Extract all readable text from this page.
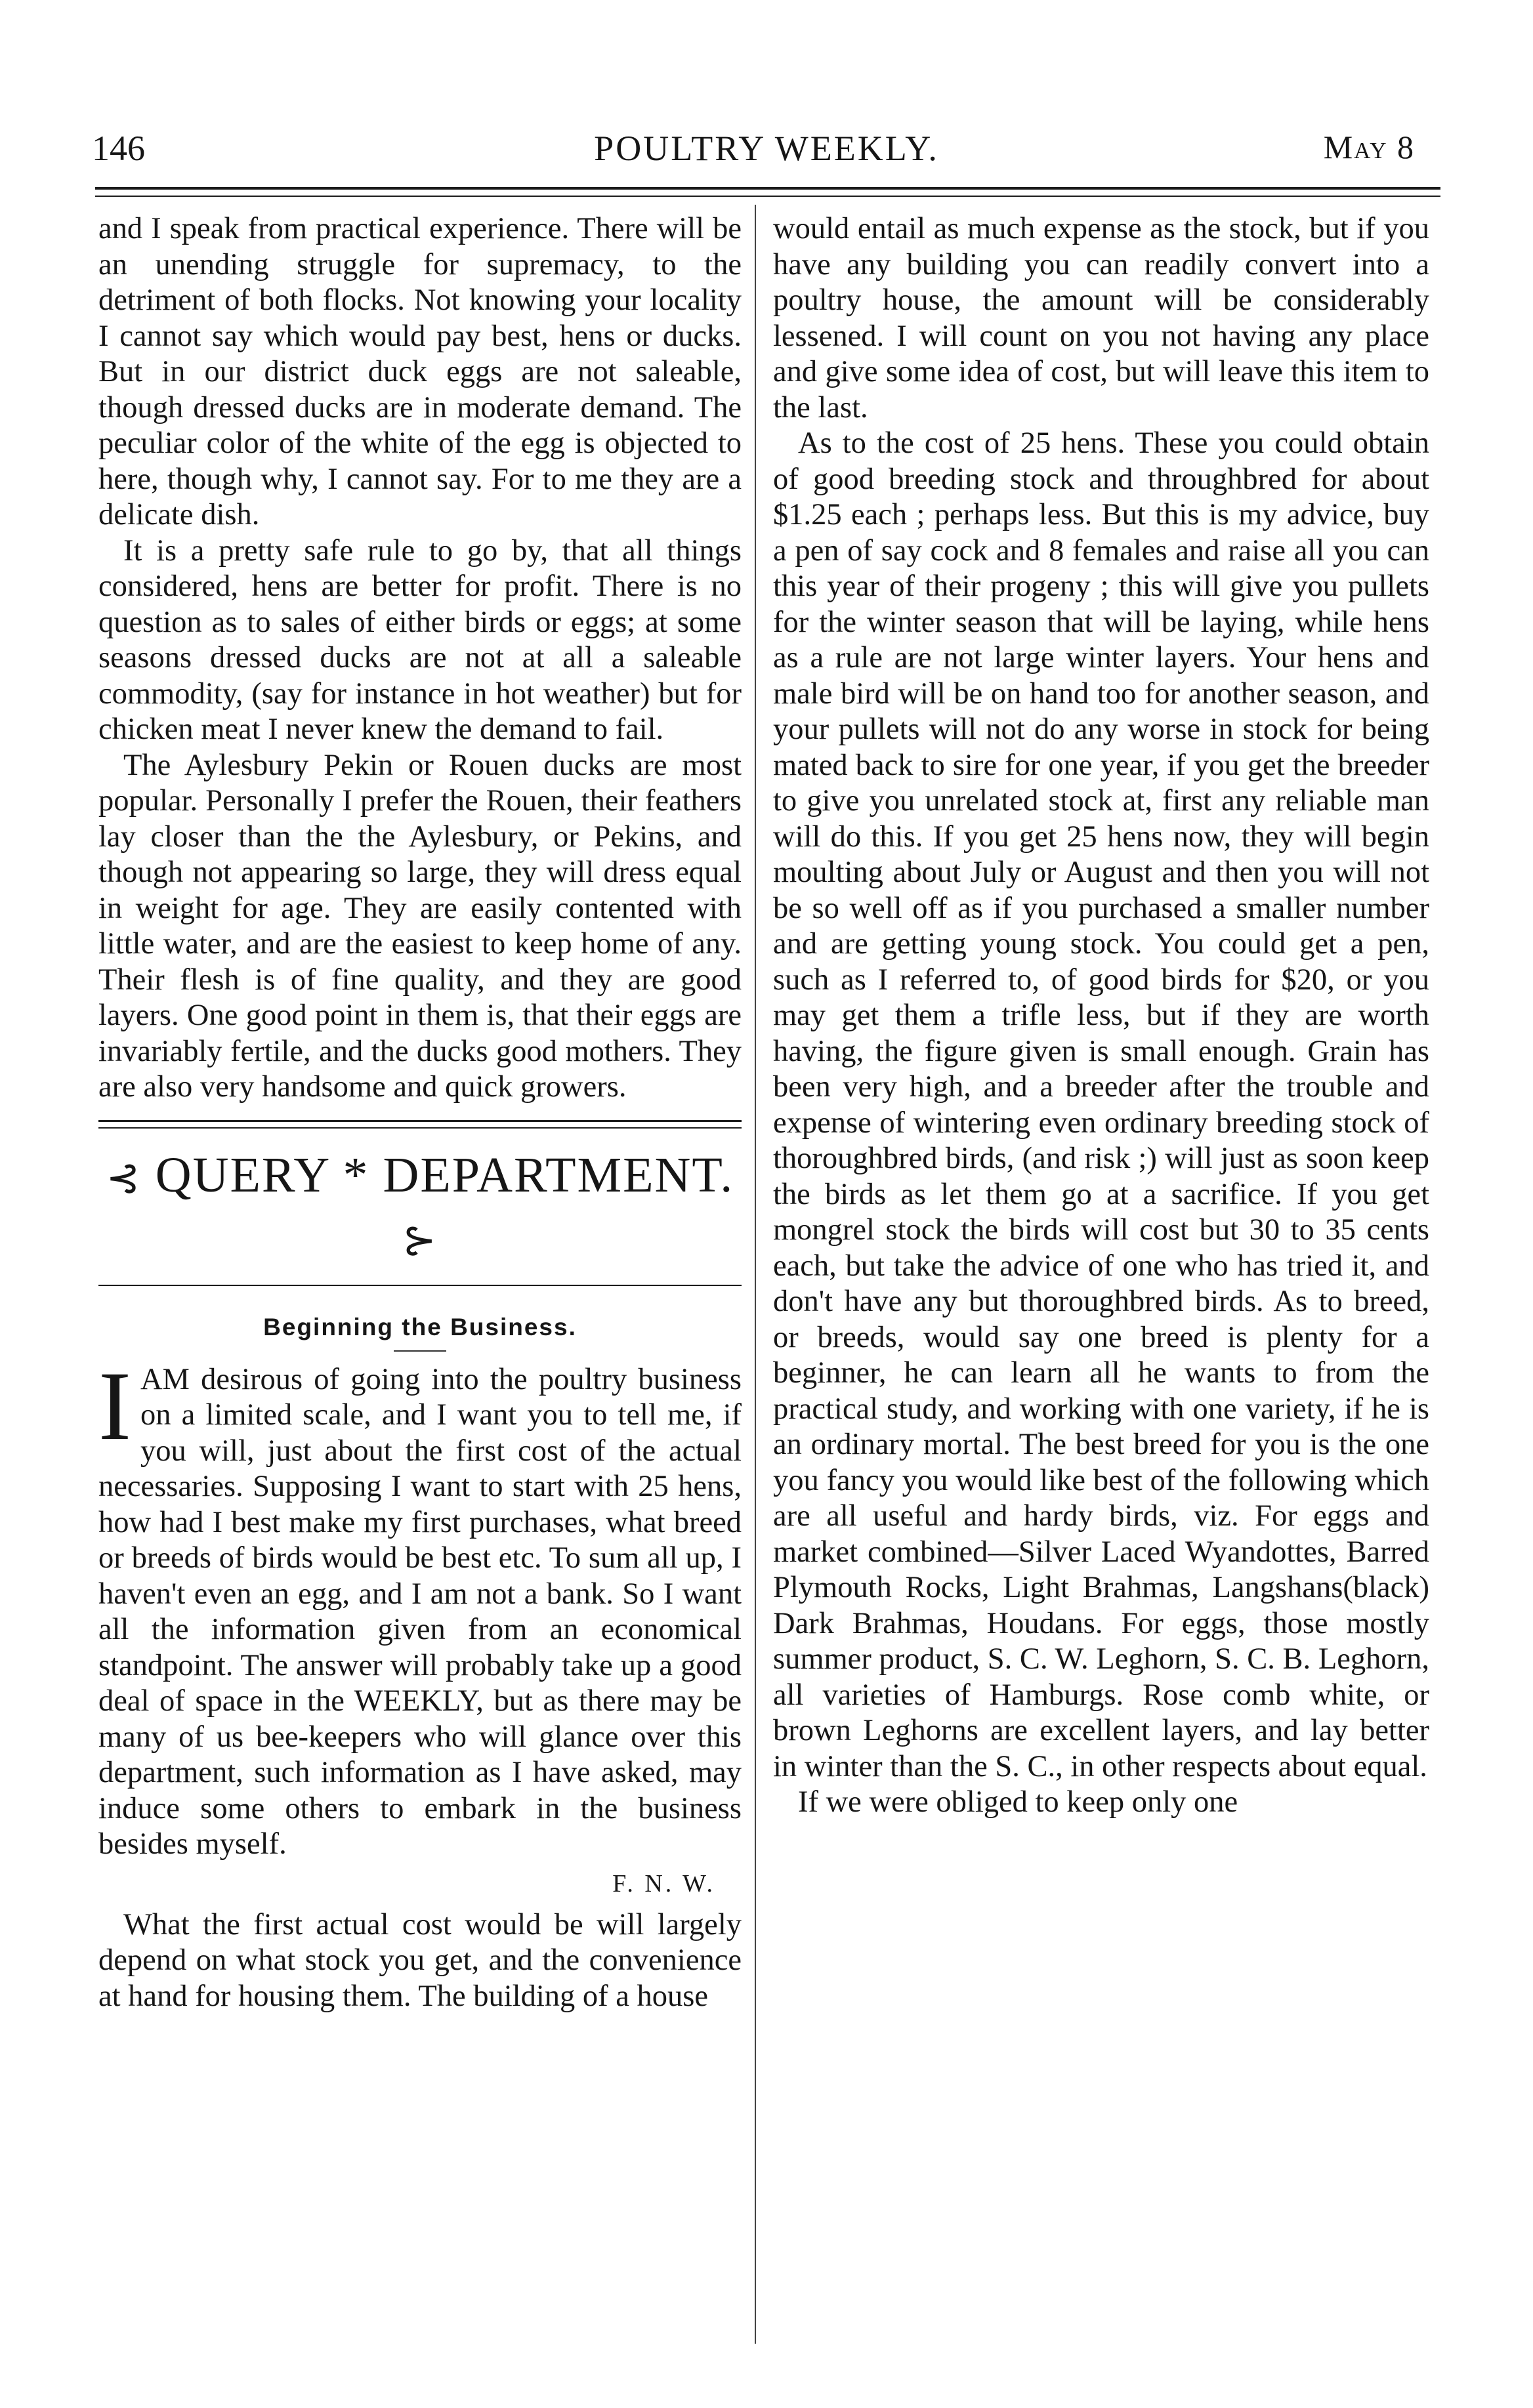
146	POULTRY WEEKLY.	May 8

and I speak from practical experience. There will be an unending struggle for supremacy, to the detriment of both flocks. Not knowing your locality I cannot say which would pay best, hens or ducks. But in our district duck eggs are not saleable, though dressed ducks are in moderate demand. The peculiar color of the white of the egg is objected to here, though why, I cannot say. For to me they are a delicate dish.

It is a pretty safe rule to go by, that all things considered, hens are better for profit. There is no question as to sales of either birds or eggs; at some seasons dressed ducks are not at all a saleable commodity, (say for instance in hot weather) but for chicken meat I never knew the demand to fail.

The Aylesbury Pekin or Rouen ducks are most popular. Personally I prefer the Rouen, their feathers lay closer than the the Aylesbury, or Pekins, and though not appearing so large, they will dress equal in weight for age. They are easily contented with little water, and are the easiest to keep home of any. Their flesh is of fine quality, and they are good layers. One good point in them is, that their eggs are invariably fertile, and the ducks good mothers. They are also very handsome and quick growers.

⊰ QUERY * DEPARTMENT. ⊱
Beginning the Business.

I AM desirous of going into the poultry business on a limited scale, and I want you to tell me, if you will, just about the first cost of the actual necessaries. Supposing I want to start with 25 hens, how had I best make my first purchases, what breed or breeds of birds would be best etc. To sum all up, I haven't even an egg, and I am not a bank. So I want all the information given from an economical standpoint. The answer will probably take up a good deal of space in the WEEKLY, but as there may be many of us bee-keepers who will glance over this department, such information as I have asked, may induce some others to embark in the business besides myself.

F. N. W.

What the first actual cost would be will largely depend on what stock you get, and the convenience at hand for housing them. The building of a house

would entail as much expense as the stock, but if you have any building you can readily convert into a poultry house, the amount will be considerably lessened. I will count on you not having any place and give some idea of cost, but will leave this item to the last.

As to the cost of 25 hens. These you could obtain of good breeding stock and throughbred for about $1.25 each ; perhaps less. But this is my advice, buy a pen of say cock and 8 females and raise all you can this year of their progeny ; this will give you pullets for the winter season that will be laying, while hens as a rule are not large winter layers. Your hens and male bird will be on hand too for another season, and your pullets will not do any worse in stock for being mated back to sire for one year, if you get the breeder to give you unrelated stock at, first any reliable man will do this. If you get 25 hens now, they will begin moulting about July or August and then you will not be so well off as if you purchased a smaller number and are getting young stock. You could get a pen, such as I referred to, of good birds for $20, or you may get them a trifle less, but if they are worth having, the figure given is small enough. Grain has been very high, and a breeder after the trouble and expense of wintering even ordinary breeding stock of thoroughbred birds, (and risk ;) will just as soon keep the birds as let them go at a sacrifice. If you get mongrel stock the birds will cost but 30 to 35 cents each, but take the advice of one who has tried it, and don't have any but thoroughbred birds. As to breed, or breeds, would say one breed is plenty for a beginner, he can learn all he wants to from the practical study, and working with one variety, if he is an ordinary mortal. The best breed for you is the one you fancy you would like best of the following which are all useful and hardy birds, viz. For eggs and market combined—Silver Laced Wyandottes, Barred Plymouth Rocks, Light Brahmas, Langshans(black) Dark Brahmas, Houdans. For eggs, those mostly summer product, S. C. W. Leghorn, S. C. B. Leghorn, all varieties of Hamburgs. Rose comb white, or brown Leghorns are excellent layers, and lay better in winter than the S. C., in other respects about equal.

If we were obliged to keep only one
